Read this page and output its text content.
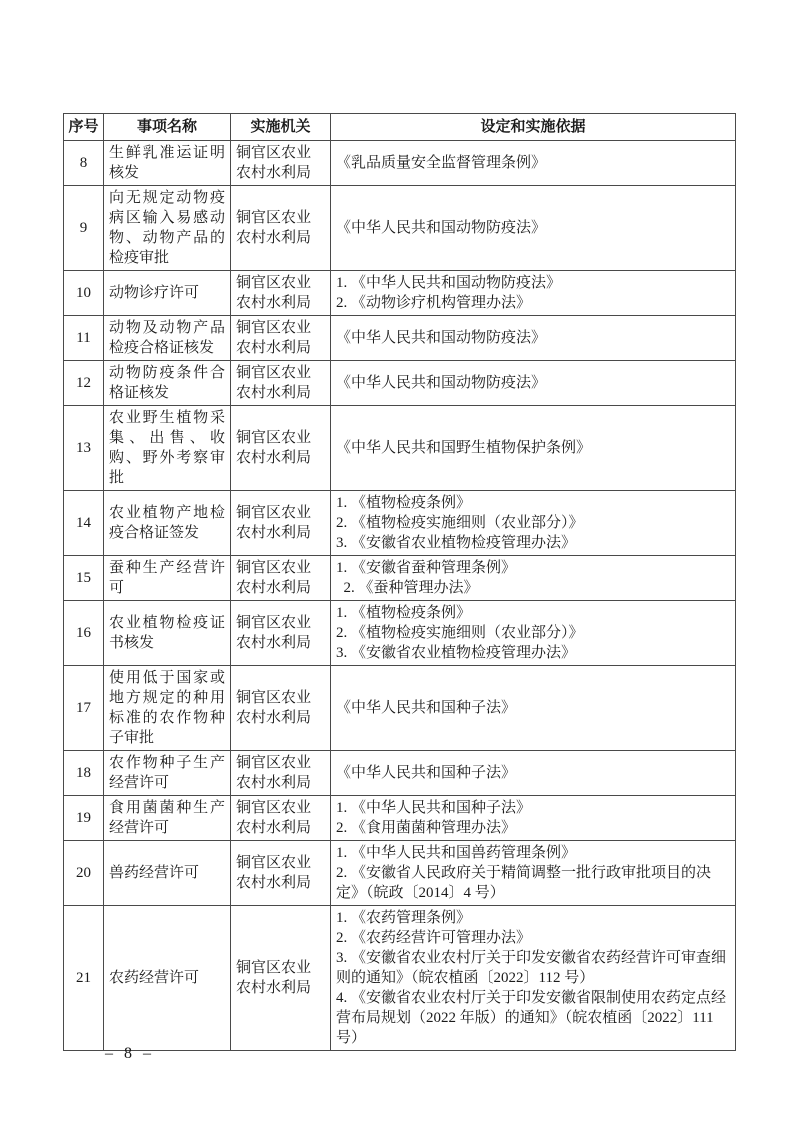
序号	事项名称	实施机关	设定和实施依据
8	生鲜乳准运证明核发	铜官区农业农村水利局	《乳品质量安全监督管理条例》

9	向无规定动物疫病区输入易感动物、动物产品的检疫审批	铜官区农业农村水利局	《中华人民共和国动物防疫法》

10	动物诊疗许可	铜官区农业农村水利局	1. 《中华人民共和国动物防疫法》
2. 《动物诊疗机构管理办法》

11	动物及动物产品检疫合格证核发	铜官区农业农村水利局	《中华人民共和国动物防疫法》

12	动物防疫条件合格证核发	铜官区农业农村水利局	《中华人民共和国动物防疫法》

13	农业野生植物采集、出售、收购、野外考察审批	铜官区农业农村水利局	《中华人民共和国野生植物保护条例》

14	农业植物产地检疫合格证签发	铜官区农业农村水利局	1. 《植物检疫条例》
2. 《植物检疫实施细则（农业部分）》
3. 《安徽省农业植物检疫管理办法》

15	蚕种生产经营许可	铜官区农业农村水利局	1. 《安徽省蚕种管理条例》
2. 《蚕种管理办法》

16	农业植物检疫证书核发	铜官区农业农村水利局	1. 《植物检疫条例》
2. 《植物检疫实施细则（农业部分）》
3. 《安徽省农业植物检疫管理办法》

17	使用低于国家或地方规定的种用标准的农作物种子审批	铜官区农业农村水利局	《中华人民共和国种子法》

18	农作物种子生产经营许可	铜官区农业农村水利局	《中华人民共和国种子法》

19	食用菌菌种生产经营许可	铜官区农业农村水利局	1. 《中华人民共和国种子法》
2. 《食用菌菌种管理办法》

20	兽药经营许可	铜官区农业农村水利局	1. 《中华人民共和国兽药管理条例》
2. 《安徽省人民政府关于精简调整一批行政审批项目的决定》（皖政〔2014〕4 号）

21	农药经营许可	铜官区农业农村水利局	1. 《农药管理条例》
2. 《农药经营许可管理办法》
3. 《安徽省农业农村厅关于印发安徽省农药经营许可审查细则的通知》（皖农植函〔2022〕112 号）
4. 《安徽省农业农村厅关于印发安徽省限制使用农药定点经营布局规划（2022 年版）的通知》（皖农植函〔2022〕111 号）
– 8 –
